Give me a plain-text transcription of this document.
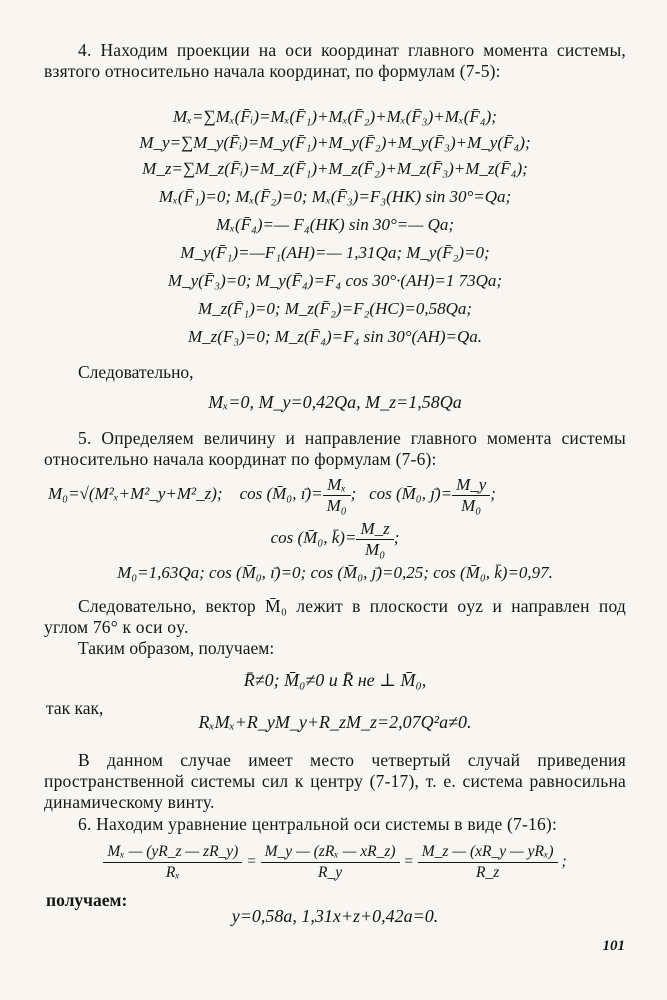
4. Находим проекции на оси координат главного момента системы, взятого относительно начала координат, по формулам (7-5):
Mₓ=∑Mₓ(F̄ᵢ)=Mₓ(F̄₁)+Mₓ(F̄₂)+Mₓ(F̄₃)+Mₓ(F̄₄);
M_y=∑M_y(F̄ᵢ)=M_y(F̄₁)+M_y(F̄₂)+M_y(F̄₃)+M_y(F̄₄);
M_z=∑M_z(F̄ᵢ)=M_z(F̄₁)+M_z(F̄₂)+M_z(F̄₃)+M_z(F̄₄);
Mₓ(F̄₁)=0; Mₓ(F̄₂)=0; Mₓ(F̄₃)=F₃(HK) sin 30°=Qa;
Mₓ(F̄₄)=— F₄(HK) sin 30°=— Qa;
M_y(F̄₁)=—F₁(AH)=— 1,31Qa; M_y(F̄₂)=0;
M_y(F̄₃)=0; M_y(F̄₄)=F₄ cos 30°·(AH)=1 73Qa;
M_z(F̄₁)=0; M_z(F̄₂)=F₂(HC)=0,58Qa;
M_z(F₃)=0; M_z(F̄₄)=F₄ sin 30°(AH)=Qa.
Следовательно,
Mₓ=0, M_y=0,42Qa, M_z=1,58Qa
5. Определяем величину и направление главного момента системы относительно начала координат по формулам (7-6):
M₀=√(M²ₓ+M²_y+M²_z); cos (M̄₀, ı̄)= $\frac{\text{Mₓ}}{\text{M₀}}$ ; cos (M̄₀, ȷ̄)= $\frac{M\_y}{\text{M₀}}$ ;
cos (M̄₀, k̄)= $\frac{M\_z}{\text{M₀}}$ ;
M₀=1,63Qa; cos (M̄₀, ı̄)=0; cos (M̄₀, ȷ̄)=0,25; cos (M̄₀, k̄)=0,97.
Следовательно, вектор M̄₀ лежит в плоскости oyz и направлен под углом 76° к оси oy.
Таким образом, получаем:
R̄≠0; M̄₀≠0 и R̄ не ⊥ M̄₀,
так как,
RₓMₓ+R_yM_y+R_zM_z=2,07Q²a≠0.
В данном случае имеет место четвертый случай приведения пространственной системы сил к центру (7-17), т. е. система равносильна динамическому винту.
6. Находим уравнение центральной оси системы в виде (7-16):
$\frac{\text{Mₓ — (yR\_z — zR\_y)}}{\text{Rₓ}} = \frac{\text{M\_y — (zRₓ — xR\_z)}}{R\_y} = \frac{\text{M\_z — (xR\_y — yRₓ)}}{R\_z}$ ;
получаем:
y=0,58a, 1,31x+z+0,42a=0.
101
